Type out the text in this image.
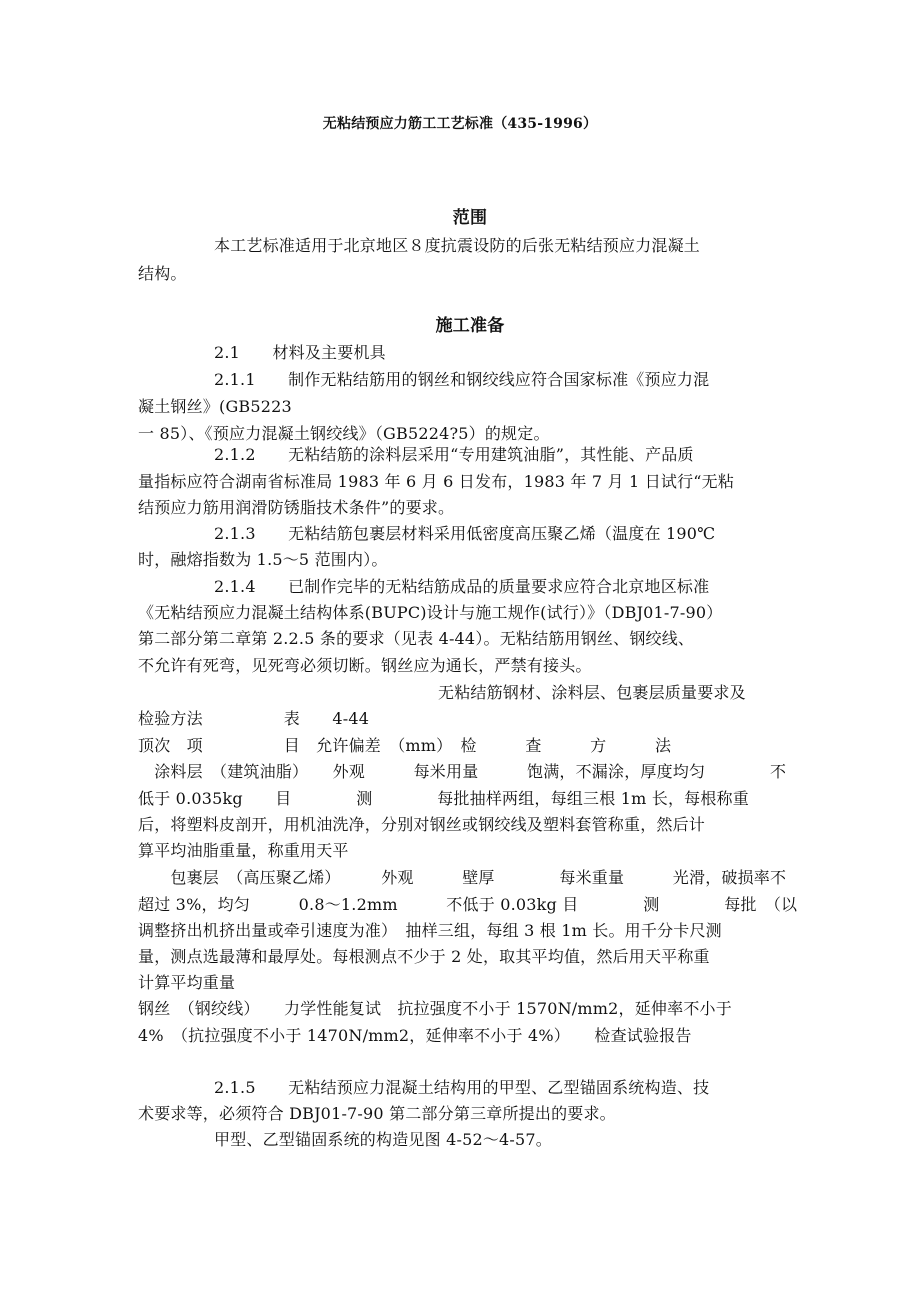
无粘结预应力筋工工艺标准（435-1996）
范围
本工艺标准适用于北京地区８度抗震设防的后张无粘结预应力混凝土
结构。
施工准备
2.1　　材料及主要机具
2.1.1　　制作无粘结筋用的钢丝和钢绞线应符合国家标准《预应力混
凝土钢丝》(GB5223
一 85）、《预应力混凝土钢绞线》（GB5224?5）的规定。
2.1.2　　无粘结筋的涂料层采用“专用建筑油脂”，其性能、产品质
量指标应符合湖南省标准局 1983 年 6 月 6 日发布，1983 年 7 月 1 日试行“无粘
结预应力筋用润滑防锈脂技术条件”的要求。
2.1.3　　无粘结筋包裹层材料采用低密度高压聚乙烯（温度在 190℃
时，融熔指数为 1.5～5 范围内）。
2.1.4　　已制作完毕的无粘结筋成品的质量要求应符合北京地区标准
《无粘结预应力混凝土结构体系(BUPC)设计与施工规作(试行）》（DBJ01-7-90）
第二部分第二章第 2.2.5 条的要求（见表 4-44）。无粘结筋用钢丝、钢绞线、
不允许有死弯，见死弯必须切断。钢丝应为通长，严禁有接头。
无粘结筋钢材、涂料层、包裹层质量要求及
检验方法　　　　　表　　4-44
顶次　项　　　　　目　允许偏差　（mm）　检　　　查　　　方　　　法
　涂料层　（建筑油脂）　　外观　　　每米用量　　　饱满，不漏涂，厚度均匀　　　　不
低于 0.035kg　　目　　　　测　　　　每批抽样两组，每组三根 1m 长，每根称重
后，将塑料皮剖开，用机油洗净，分别对钢丝或钢绞线及塑料套管称重，然后计
算平均油脂重量，称重用天平
　　包裹层　（高压聚乙烯）　　　外观　　　壁厚　　　　每米重量　　　光滑，破损率不
超过 3%，均匀　　　0.8～1.2mm　　　不低于 0.03kg 目　　　　测　　　　每批　（以
调整挤出机挤出量或牵引速度为准）　抽样三组，每组 3 根 1m 长。用千分卡尺测
量，测点选最薄和最厚处。每根测点不少于 2 处，取其平均值，然后用天平称重
计算平均重量
钢丝　（钢绞线）　　力学性能复试　抗拉强度不小于 1570N/mm2，延伸率不小于
4%　（抗拉强度不小于 1470N/mm2，延伸率不小于 4%）　　检查试验报告
2.1.5　　无粘结预应力混凝土结构用的甲型、乙型锚固系统构造、技
术要求等，必须符合 DBJ01-7-90 第二部分第三章所提出的要求。
甲型、乙型锚固系统的构造见图 4-52～4-57。
